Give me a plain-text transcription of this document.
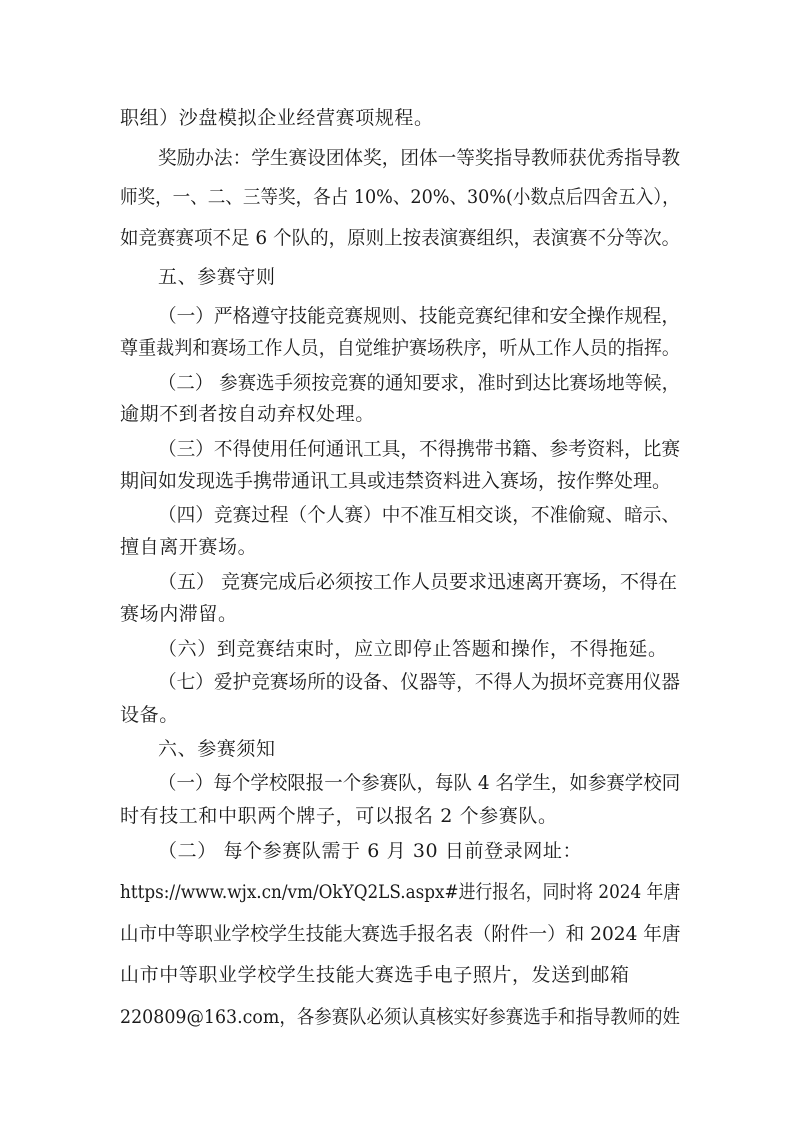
职组）沙盘模拟企业经营赛项规程。
奖励办法：学生赛设团体奖，团体一等奖指导教师获优秀指导教
师奖，一、二、三等奖，各占 10%、20%、30%(小数点后四舍五入），
如竞赛赛项不足 6 个队的，原则上按表演赛组织，表演赛不分等次。
五、参赛守则
（一）严格遵守技能竞赛规则、技能竞赛纪律和安全操作规程，
尊重裁判和赛场工作人员，自觉维护赛场秩序，听从工作人员的指挥。
（二） 参赛选手须按竞赛的通知要求，准时到达比赛场地等候，
逾期不到者按自动弃权处理。
（三）不得使用任何通讯工具，不得携带书籍、参考资料，比赛
期间如发现选手携带通讯工具或违禁资料进入赛场，按作弊处理。
（四）竞赛过程（个人赛）中不准互相交谈，不准偷窥、暗示、
擅自离开赛场。
（五） 竞赛完成后必须按工作人员要求迅速离开赛场，不得在
赛场内滞留。
（六）到竞赛结束时，应立即停止答题和操作，不得拖延。
（七）爱护竞赛场所的设备、仪器等，不得人为损坏竞赛用仪器
设备。
六、参赛须知
（一）每个学校限报一个参赛队，每队 4 名学生，如参赛学校同
时有技工和中职两个牌子，可以报名 2 个参赛队。
（二） 每个参赛队需于 6 月 30 日前登录网址：
https://www.wjx.cn/vm/OkYQ2LS.aspx#进行报名，同时将 2024 年唐
山市中等职业学校学生技能大赛选手报名表（附件一）和 2024 年唐
山市中等职业学校学生技能大赛选手电子照片，发送到邮箱
220809@163.com，各参赛队必须认真核实好参赛选手和指导教师的姓
